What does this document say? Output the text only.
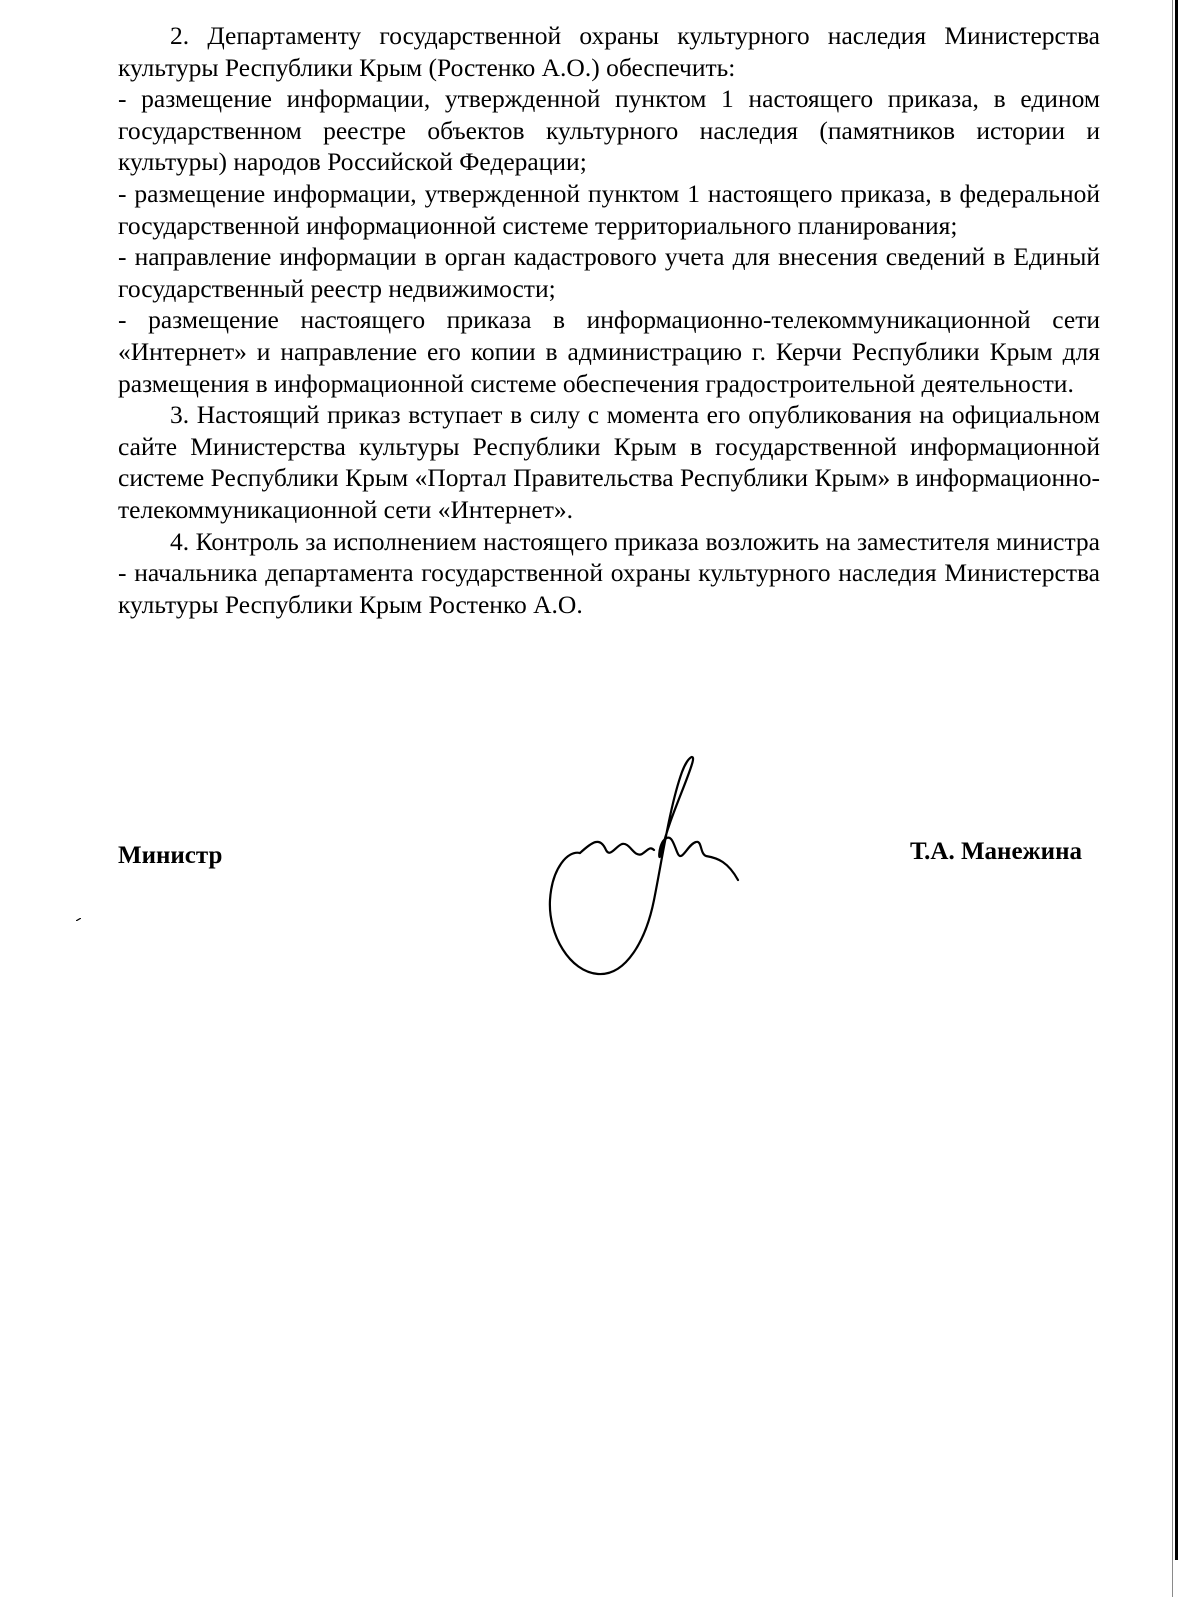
2. Департаменту государственной охраны культурного наследия Министерства культуры Республики Крым (Ростенко А.О.) обеспечить:

- размещение информации, утвержденной пунктом 1 настоящего приказа, в едином государственном реестре объектов культурного наследия (памятников истории и культуры) народов Российской Федерации;

- размещение информации, утвержденной пунктом 1 настоящего приказа, в федеральной государственной информационной системе территориального планирования;

- направление информации в орган кадастрового учета для внесения сведений в Единый государственный реестр недвижимости;

- размещение настоящего приказа в информационно-телекоммуникационной сети «Интернет» и направление его копии в администрацию г. Керчи Республики Крым для размещения в информационной системе обеспечения градостроительной деятельности.

3. Настоящий приказ вступает в силу с момента его опубликования на официальном сайте Министерства культуры Республики Крым в государственной информационной системе Республики Крым «Портал Правительства Республики Крым» в информационно-телекоммуникационной сети «Интернет».

4. Контроль за исполнением настоящего приказа возложить на заместителя министра - начальника департамента государственной охраны культурного наследия Министерства культуры Республики Крым Ростенко А.О.

Министр	Т.А. Манежина
